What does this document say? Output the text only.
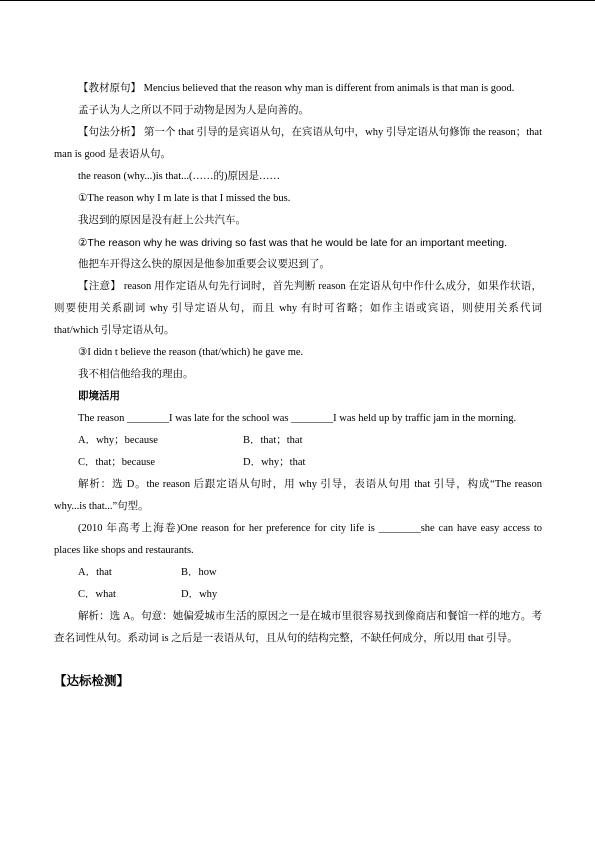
【教材原句】 Mencius believed that the reason why man is different from animals is that man is good.

孟子认为人之所以不同于动物是因为人是向善的。

【句法分析】 第一个 that 引导的是宾语从句，在宾语从句中，why 引导定语从句修饰 the reason；that man is good 是表语从句。

the reason (why...)is that...(……的)原因是……

①The reason why I m late is that I missed the bus.

我迟到的原因是没有赶上公共汽车。

②The reason why he was driving so fast was that he would be late for an important meeting.

他把车开得这么快的原因是他参加重要会议要迟到了。

【注意】 reason 用作定语从句先行词时，首先判断 reason 在定语从句中作什么成分，如果作状语，则要使用关系副词 why 引导定语从句，而且 why 有时可省略；如作主语或宾语，则使用关系代词 that/which 引导定语从句。

③I didn t believe the reason (that/which) he gave me.

我不相信他给我的理由。

即境活用

The reason ________I was late for the school was ________I was held up by traffic jam in the morning.

A．why；because	B．that；that
C．that；because	D．why；that

解析：选 D。the reason 后跟定语从句时，用 why 引导，表语从句用 that 引导，构成“The reason why...is that...”句型。

(2010 年高考上海卷)One reason for her preference for city life is ________she can have easy access to places like shops and restaurants.

A．that	B．how
C．what	D．why

解析：选 A。句意：她偏爱城市生活的原因之一是在城市里很容易找到像商店和餐馆一样的地方。考查名词性从句。系动词 is 之后是一表语从句，且从句的结构完整，不缺任何成分，所以用 that 引导。

【达标检测】
